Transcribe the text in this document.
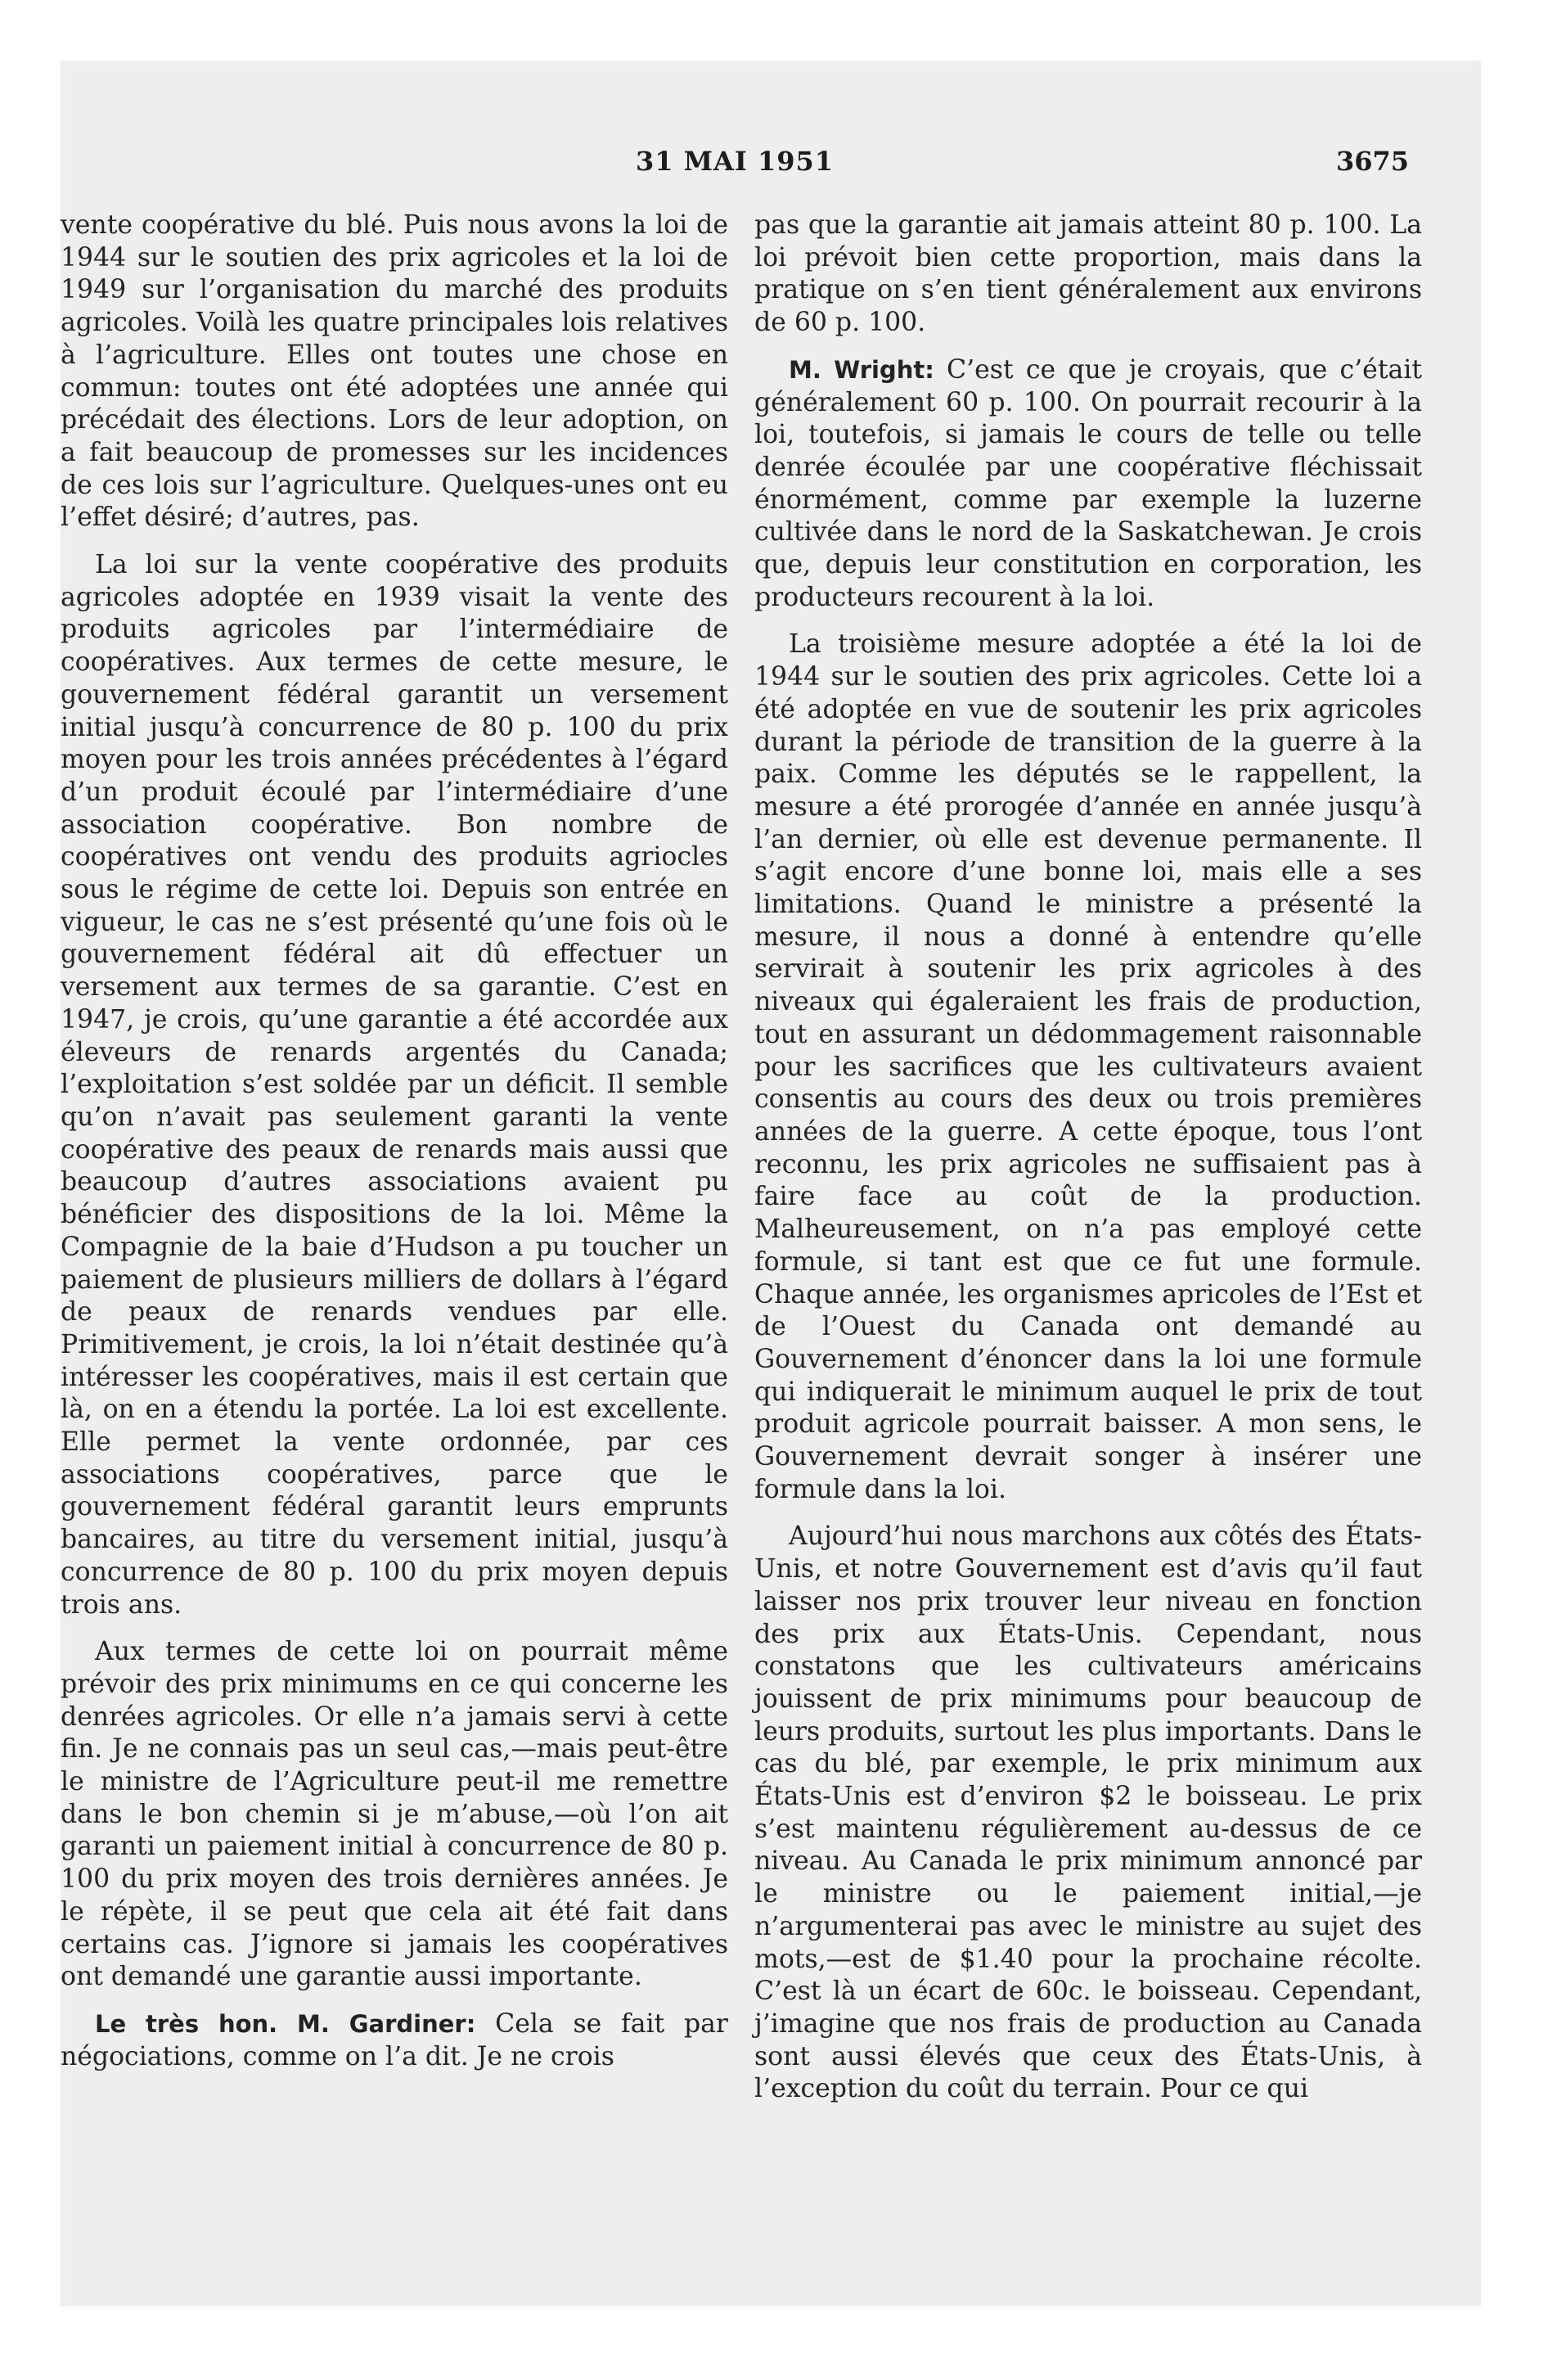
31 MAI 1951	3675

vente coopérative du blé. Puis nous avons la loi de 1944 sur le soutien des prix agricoles et la loi de 1949 sur l’organisation du marché des produits agricoles. Voilà les quatre principales lois relatives à l’agriculture. Elles ont toutes une chose en commun: toutes ont été adoptées une année qui précédait des élections. Lors de leur adoption, on a fait beaucoup de promesses sur les incidences de ces lois sur l’agriculture. Quelques-unes ont eu l’effet désiré; d’autres, pas.

La loi sur la vente coopérative des produits agricoles adoptée en 1939 visait la vente des produits agricoles par l’intermédiaire de coopératives. Aux termes de cette mesure, le gouvernement fédéral garantit un versement initial jusqu’à concurrence de 80 p. 100 du prix moyen pour les trois années précédentes à l’égard d’un produit écoulé par l’intermédiaire d’une association coopérative. Bon nombre de coopératives ont vendu des produits agriocles sous le régime de cette loi. Depuis son entrée en vigueur, le cas ne s’est présenté qu’une fois où le gouvernement fédéral ait dû effectuer un versement aux termes de sa garantie. C’est en 1947, je crois, qu’une garantie a été accordée aux éleveurs de renards argentés du Canada; l’exploitation s’est soldée par un déficit. Il semble qu’on n’avait pas seulement garanti la vente coopérative des peaux de renards mais aussi que beaucoup d’autres associations avaient pu bénéficier des dispositions de la loi. Même la Compagnie de la baie d’Hudson a pu toucher un paiement de plusieurs milliers de dollars à l’égard de peaux de renards vendues par elle. Primitivement, je crois, la loi n’était destinée qu’à intéresser les coopératives, mais il est certain que là, on en a étendu la portée. La loi est excellente. Elle permet la vente ordonnée, par ces associations coopératives, parce que le gouvernement fédéral garantit leurs emprunts bancaires, au titre du versement initial, jusqu’à concurrence de 80 p. 100 du prix moyen depuis trois ans.

Aux termes de cette loi on pourrait même prévoir des prix minimums en ce qui concerne les denrées agricoles. Or elle n’a jamais servi à cette fin. Je ne connais pas un seul cas,—mais peut-être le ministre de l’Agriculture peut-il me remettre dans le bon chemin si je m’abuse,—où l’on ait garanti un paiement initial à concurrence de 80 p. 100 du prix moyen des trois dernières années. Je le répète, il se peut que cela ait été fait dans certains cas. J’ignore si jamais les coopératives ont demandé une garantie aussi importante.

Le très hon. M. Gardiner: Cela se fait par négociations, comme on l’a dit. Je ne crois

pas que la garantie ait jamais atteint 80 p. 100. La loi prévoit bien cette proportion, mais dans la pratique on s’en tient généralement aux environs de 60 p. 100.

M. Wright: C’est ce que je croyais, que c’était généralement 60 p. 100. On pourrait recourir à la loi, toutefois, si jamais le cours de telle ou telle denrée écoulée par une coopérative fléchissait énormément, comme par exemple la luzerne cultivée dans le nord de la Saskatchewan. Je crois que, depuis leur constitution en corporation, les producteurs recourent à la loi.

La troisième mesure adoptée a été la loi de 1944 sur le soutien des prix agricoles. Cette loi a été adoptée en vue de soutenir les prix agricoles durant la période de transition de la guerre à la paix. Comme les députés se le rappellent, la mesure a été prorogée d’année en année jusqu’à l’an dernier, où elle est devenue permanente. Il s’agit encore d’une bonne loi, mais elle a ses limitations. Quand le ministre a présenté la mesure, il nous a donné à entendre qu’elle servirait à soutenir les prix agricoles à des niveaux qui égaleraient les frais de production, tout en assurant un dédommagement raisonnable pour les sacrifices que les cultivateurs avaient consentis au cours des deux ou trois premières années de la guerre. A cette époque, tous l’ont reconnu, les prix agricoles ne suffisaient pas à faire face au coût de la production. Malheureusement, on n’a pas employé cette formule, si tant est que ce fut une formule. Chaque année, les organismes apricoles de l’Est et de l’Ouest du Canada ont demandé au Gouvernement d’énoncer dans la loi une formule qui indiquerait le minimum auquel le prix de tout produit agricole pourrait baisser. A mon sens, le Gouvernement devrait songer à insérer une formule dans la loi.

Aujourd’hui nous marchons aux côtés des États-Unis, et notre Gouvernement est d’avis qu’il faut laisser nos prix trouver leur niveau en fonction des prix aux États-Unis. Cependant, nous constatons que les cultivateurs américains jouissent de prix minimums pour beaucoup de leurs produits, surtout les plus importants. Dans le cas du blé, par exemple, le prix minimum aux États-Unis est d’environ $2 le boisseau. Le prix s’est maintenu régulièrement au-dessus de ce niveau. Au Canada le prix minimum annoncé par le ministre ou le paiement initial,—je n’argumenterai pas avec le ministre au sujet des mots,—est de $1.40 pour la prochaine récolte. C’est là un écart de 60c. le boisseau. Cependant, j’imagine que nos frais de production au Canada sont aussi élevés que ceux des États-Unis, à l’exception du coût du terrain. Pour ce qui
